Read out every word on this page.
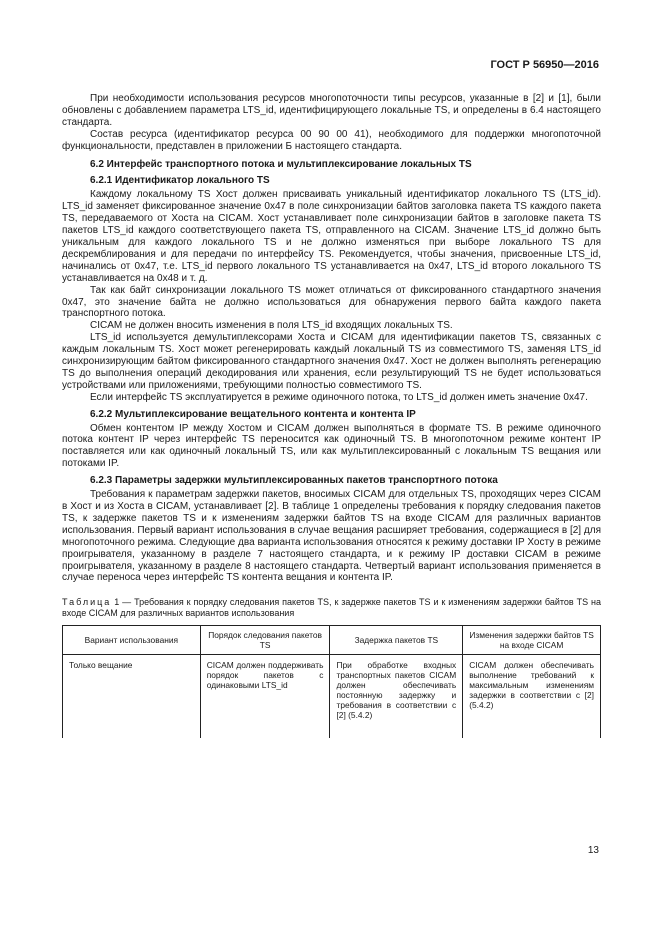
ГОСТ Р 56950—2016

При необходимости использования ресурсов многопоточности типы ресурсов, указанные в [2] и [1], были обновлены с добавлением параметра LTS_id, идентифицирующего локальные TS, и определены в 6.4 настоящего стандарта.

Состав ресурса (идентификатор ресурса 00 90 00 41), необходимого для поддержки многопоточной функциональности, представлен в приложении Б настоящего стандарта.

6.2 Интерфейс транспортного потока и мультиплексирование локальных TS

6.2.1 Идентификатор локального TS

Каждому локальному TS Хост должен присваивать уникальный идентификатор локального TS (LTS_id). LTS_id заменяет фиксированное значение 0x47 в поле синхронизации байтов заголовка пакета TS каждого пакета TS, передаваемого от Хоста на CICAM. Хост устанавливает поле синхронизации байтов в заголовке пакета TS пакетов LTS_id каждого соответствующего пакета TS, отправленного на CICAM. Значение LTS_id должно быть уникальным для каждого локального TS и не должно изменяться при выборе локального TS для дескремблирования и для передачи по интерфейсу TS. Рекомендуется, чтобы значения, присвоенные LTS_id, начинались от 0x47, т.е. LTS_id первого локального TS устанавливается на 0x47, LTS_id второго локального TS устанавливается на 0x48 и т. д.

Так как байт синхронизации локального TS может отличаться от фиксированного стандартного значения 0x47, это значение байта не должно использоваться для обнаружения первого байта каждого пакета транспортного потока.

CICAM не должен вносить изменения в поля LTS_id входящих локальных TS.

LTS_id используется демультиплексорами Хоста и CICAM для идентификации пакетов TS, связанных с каждым локальным TS. Хост может регенерировать каждый локальный TS из совместимого TS, заменяя LTS_id синхронизирующим байтом фиксированного стандартного значения 0x47. Хост не должен выполнять регенерацию TS до выполнения операций декодирования или хранения, если результирующий TS не будет использоваться устройствами или приложениями, требующими полностью совместимого TS.

Если интерфейс TS эксплуатируется в режиме одиночного потока, то LTS_id должен иметь значение 0x47.

6.2.2 Мультиплексирование вещательного контента и контента IP

Обмен контентом IP между Хостом и CICAM должен выполняться в формате TS. В режиме одиночного потока контент IP через интерфейс TS переносится как одиночный TS. В многопоточном режиме контент IP поставляется или как одиночный локальный TS, или как мультиплексированный с локальным TS вещания или потоками IP.

6.2.3 Параметры задержки мультиплексированных пакетов транспортного потока

Требования к параметрам задержки пакетов, вносимых CICAM для отдельных TS, проходящих через CICAM в Хост и из Хоста в CICAM, устанавливает [2]. В таблице 1 определены требования к порядку следования пакетов TS, к задержке пакетов TS и к изменениям задержки байтов TS на входе CICAM для различных вариантов использования. Первый вариант использования в случае вещания расширяет требования, содержащиеся в [2] для многопоточного режима. Следующие два варианта использования относятся к режиму доставки IP Хосту в режиме проигрывателя, указанному в разделе 7 настоящего стандарта, и к режиму IP доставки CICAM в режиме проигрывателя, указанному в разделе 8 настоящего стандарта. Четвертый вариант использования применяется в случае переноса через интерфейс TS контента вещания и контента IP.

Таблица 1 — Требования к порядку следования пакетов TS, к задержке пакетов TS и к изменениям задержки байтов TS на входе CICAM для различных вариантов использования

Вариант использования	Порядок следования пакетов TS	Задержка пакетов TS	Изменения задержки байтов TS на входе CICAM
Только вещание	CICAM должен поддерживать порядок пакетов с одинаковыми LTS_id	При обработке входных транспортных пакетов CICAM должен обеспечивать постоянную задержку и требования в соответствии с [2] (5.4.2)	CICAM должен обеспечивать выполнение требований к максимальным изменениям задержки в соответствии с [2] (5.4.2)
13
